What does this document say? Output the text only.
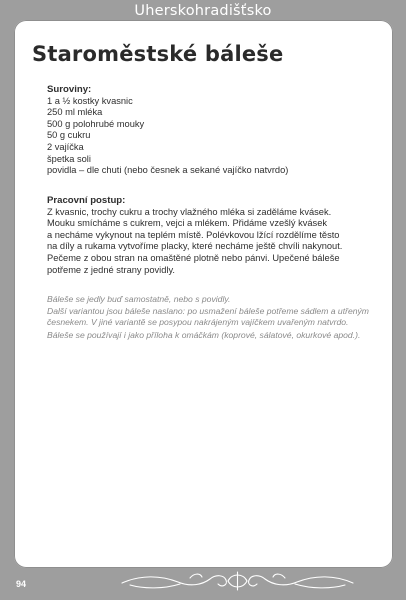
Uherskohradišťsko
Staroměstské báleše

Suroviny:

1 a ½ kostky kvasnic
250 ml mléka
500 g polohrubé mouky
50 g cukru
2 vajíčka
špetka soli
povidla – dle chuti (nebo česnek a sekané vajíčko natvrdo)

Pracovní postup:

Z kvasnic, trochy cukru a trochy vlažného mléka si zaděláme kvásek.
Mouku smícháme s cukrem, vejci a mlékem. Přidáme vzešlý kvásek
a necháme vykynout na teplém místě. Polévkovou lžící rozdělíme těsto
na díly a rukama vytvoříme placky, které necháme ještě chvíli nakynout.
Pečeme z obou stran na omaštěné plotně nebo pánvi. Upečené báleše
potřeme z jedné strany povidly.

Báleše se jedly buď samostatně, nebo s povidly.

Další variantou jsou báleše naslano: po usmažení báleše potřeme sádlem a utřeným česnekem. V jiné variantě se posypou nakrájeným vajíčkem uvařeným natvrdo.

Báleše se používají i jako příloha k omáčkám (koprové, sálatové, okurkové apod.).

94
